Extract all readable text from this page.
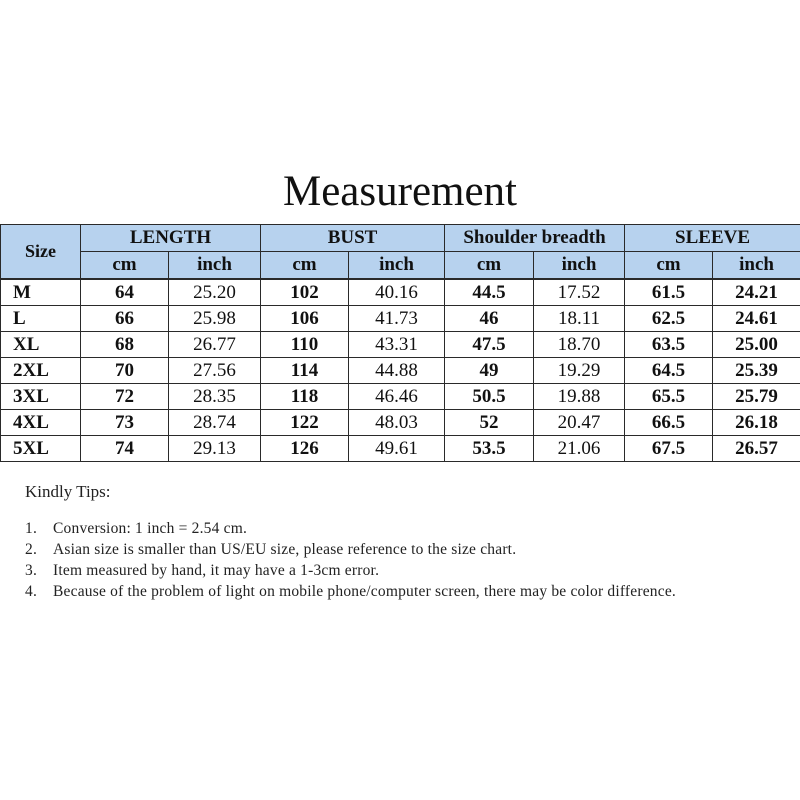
Measurement
Size	LENGTH		BUST		Shoulder breadth		SLEEVE	
	cm	inch	cm	inch	cm	inch	cm	inch
M	64	25.20	102	40.16	44.5	17.52	61.5	24.21
L	66	25.98	106	41.73	46	18.11	62.5	24.61
XL	68	26.77	110	43.31	47.5	18.70	63.5	25.00
2XL	70	27.56	114	44.88	49	19.29	64.5	25.39
3XL	72	28.35	118	46.46	50.5	19.88	65.5	25.79
4XL	73	28.74	122	48.03	52	20.47	66.5	26.18
5XL	74	29.13	126	49.61	53.5	21.06	67.5	26.57

Kindly Tips:

1. Conversion: 1 inch = 2.54 cm.
2. Asian size is smaller than US/EU size, please reference to the size chart.
3. Item measured by hand, it may have a 1-3cm error.
4. Because of the problem of light on mobile phone/computer screen, there may be color difference.
